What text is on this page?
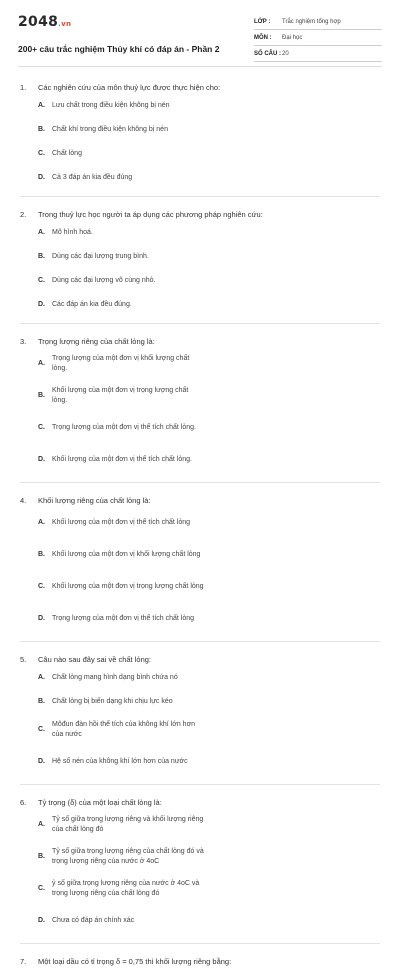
2048.vn
200+ câu trắc nghiệm Thủy khí có đáp án - Phần 2
LỚP :	Trắc nghiệm tổng hợp
MÔN :	Đại học
SỐ CÂU : 20
1.	Các nghiên cứu của môn thuỷ lực được thực hiện cho:
A.	Lưu chất trong điều kiện không bị nén
B.	Chất khí trong điều kiện không bị nén
C.	Chất lỏng
D.	Cả 3 đáp án kia đều đúng
2.	Trong thuỷ lực học người ta áp dụng các phương pháp nghiên cứu:
A.	Mô hình hoá.
B.	Dùng các đại lượng trung bình.
C.	Dùng các đại lượng vô cùng nhỏ.
D.	Các đáp án kia đều đúng.
3.	Trọng lượng riêng của chất lỏng là:
A.
Trọng lượng của một đơn vị khối lượng chất lỏng.
B.
Khối lượng của một đơn vị trọng lượng chất lỏng.
C.	Trọng lượng của một đơn vị thể tích chất lỏng.
D.	Khối lượng của một đơn vị thể tích chất lỏng.
4.	Khối lượng riêng của chất lỏng là:
A.	Khối lượng của một đơn vị thể tích chất lỏng
B.	Khối lượng của một đơn vị khối lượng chất lỏng
C.	Khối lượng của một đơn vị trọng lượng chất lỏng
D.	Trọng lượng của một đơn vị thể tích chất lỏng
5.	Câu nào sau đây sai về chất lỏng:
A.	Chất lỏng mang hình dạng bình chứa nó
B.	Chất lỏng bị biến dạng khi chịu lực kéo
C.
Môđun đàn hồi thể tích của không khí lớn hơn của nước
D.	Hệ số nén của không khí lớn hơn của nước
6.	Tỷ trọng (δ) của một loại chất lỏng là:
A.
Tỷ số giữa trọng lượng riêng và khối lượng riêng của chất lỏng đó
B.
Tỷ số giữa trọng lượng riêng của chất lỏng đó và trọng lượng riêng của nước ở 4oC
C.
ỷ số giữa trọng lượng riêng của nước ở 4oC và trọng lượng riêng của chất lỏng đó
D.	Chưa có đáp án chính xác
7.	Một loại dầu có tỉ trọng δ = 0,75 thì khối lượng riêng bằng:
